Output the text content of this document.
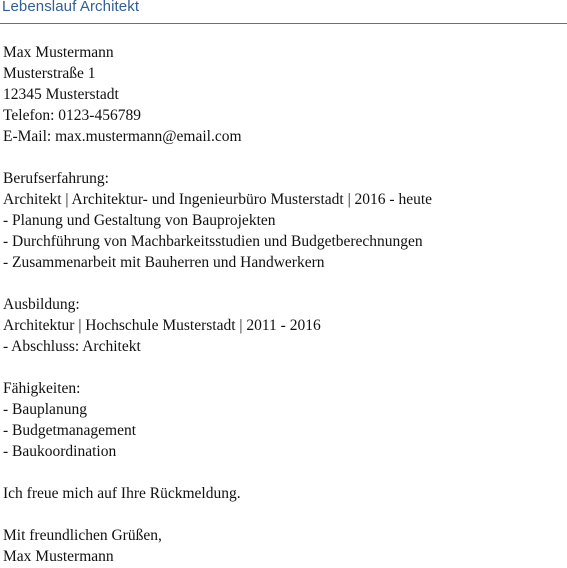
Lebenslauf Architekt
Max Mustermann
Musterstraße 1
12345 Musterstadt
Telefon: 0123-456789
E-Mail: max.mustermann@email.com
Berufserfahrung:
Architekt | Architektur- und Ingenieurbüro Musterstadt | 2016 - heute
- Planung und Gestaltung von Bauprojekten
- Durchführung von Machbarkeitsstudien und Budgetberechnungen
- Zusammenarbeit mit Bauherren und Handwerkern
Ausbildung:
Architektur | Hochschule Musterstadt | 2011 - 2016
- Abschluss: Architekt
Fähigkeiten:
- Bauplanung
- Budgetmanagement
- Baukoordination
Ich freue mich auf Ihre Rückmeldung.
Mit freundlichen Grüßen,
Max Mustermann
